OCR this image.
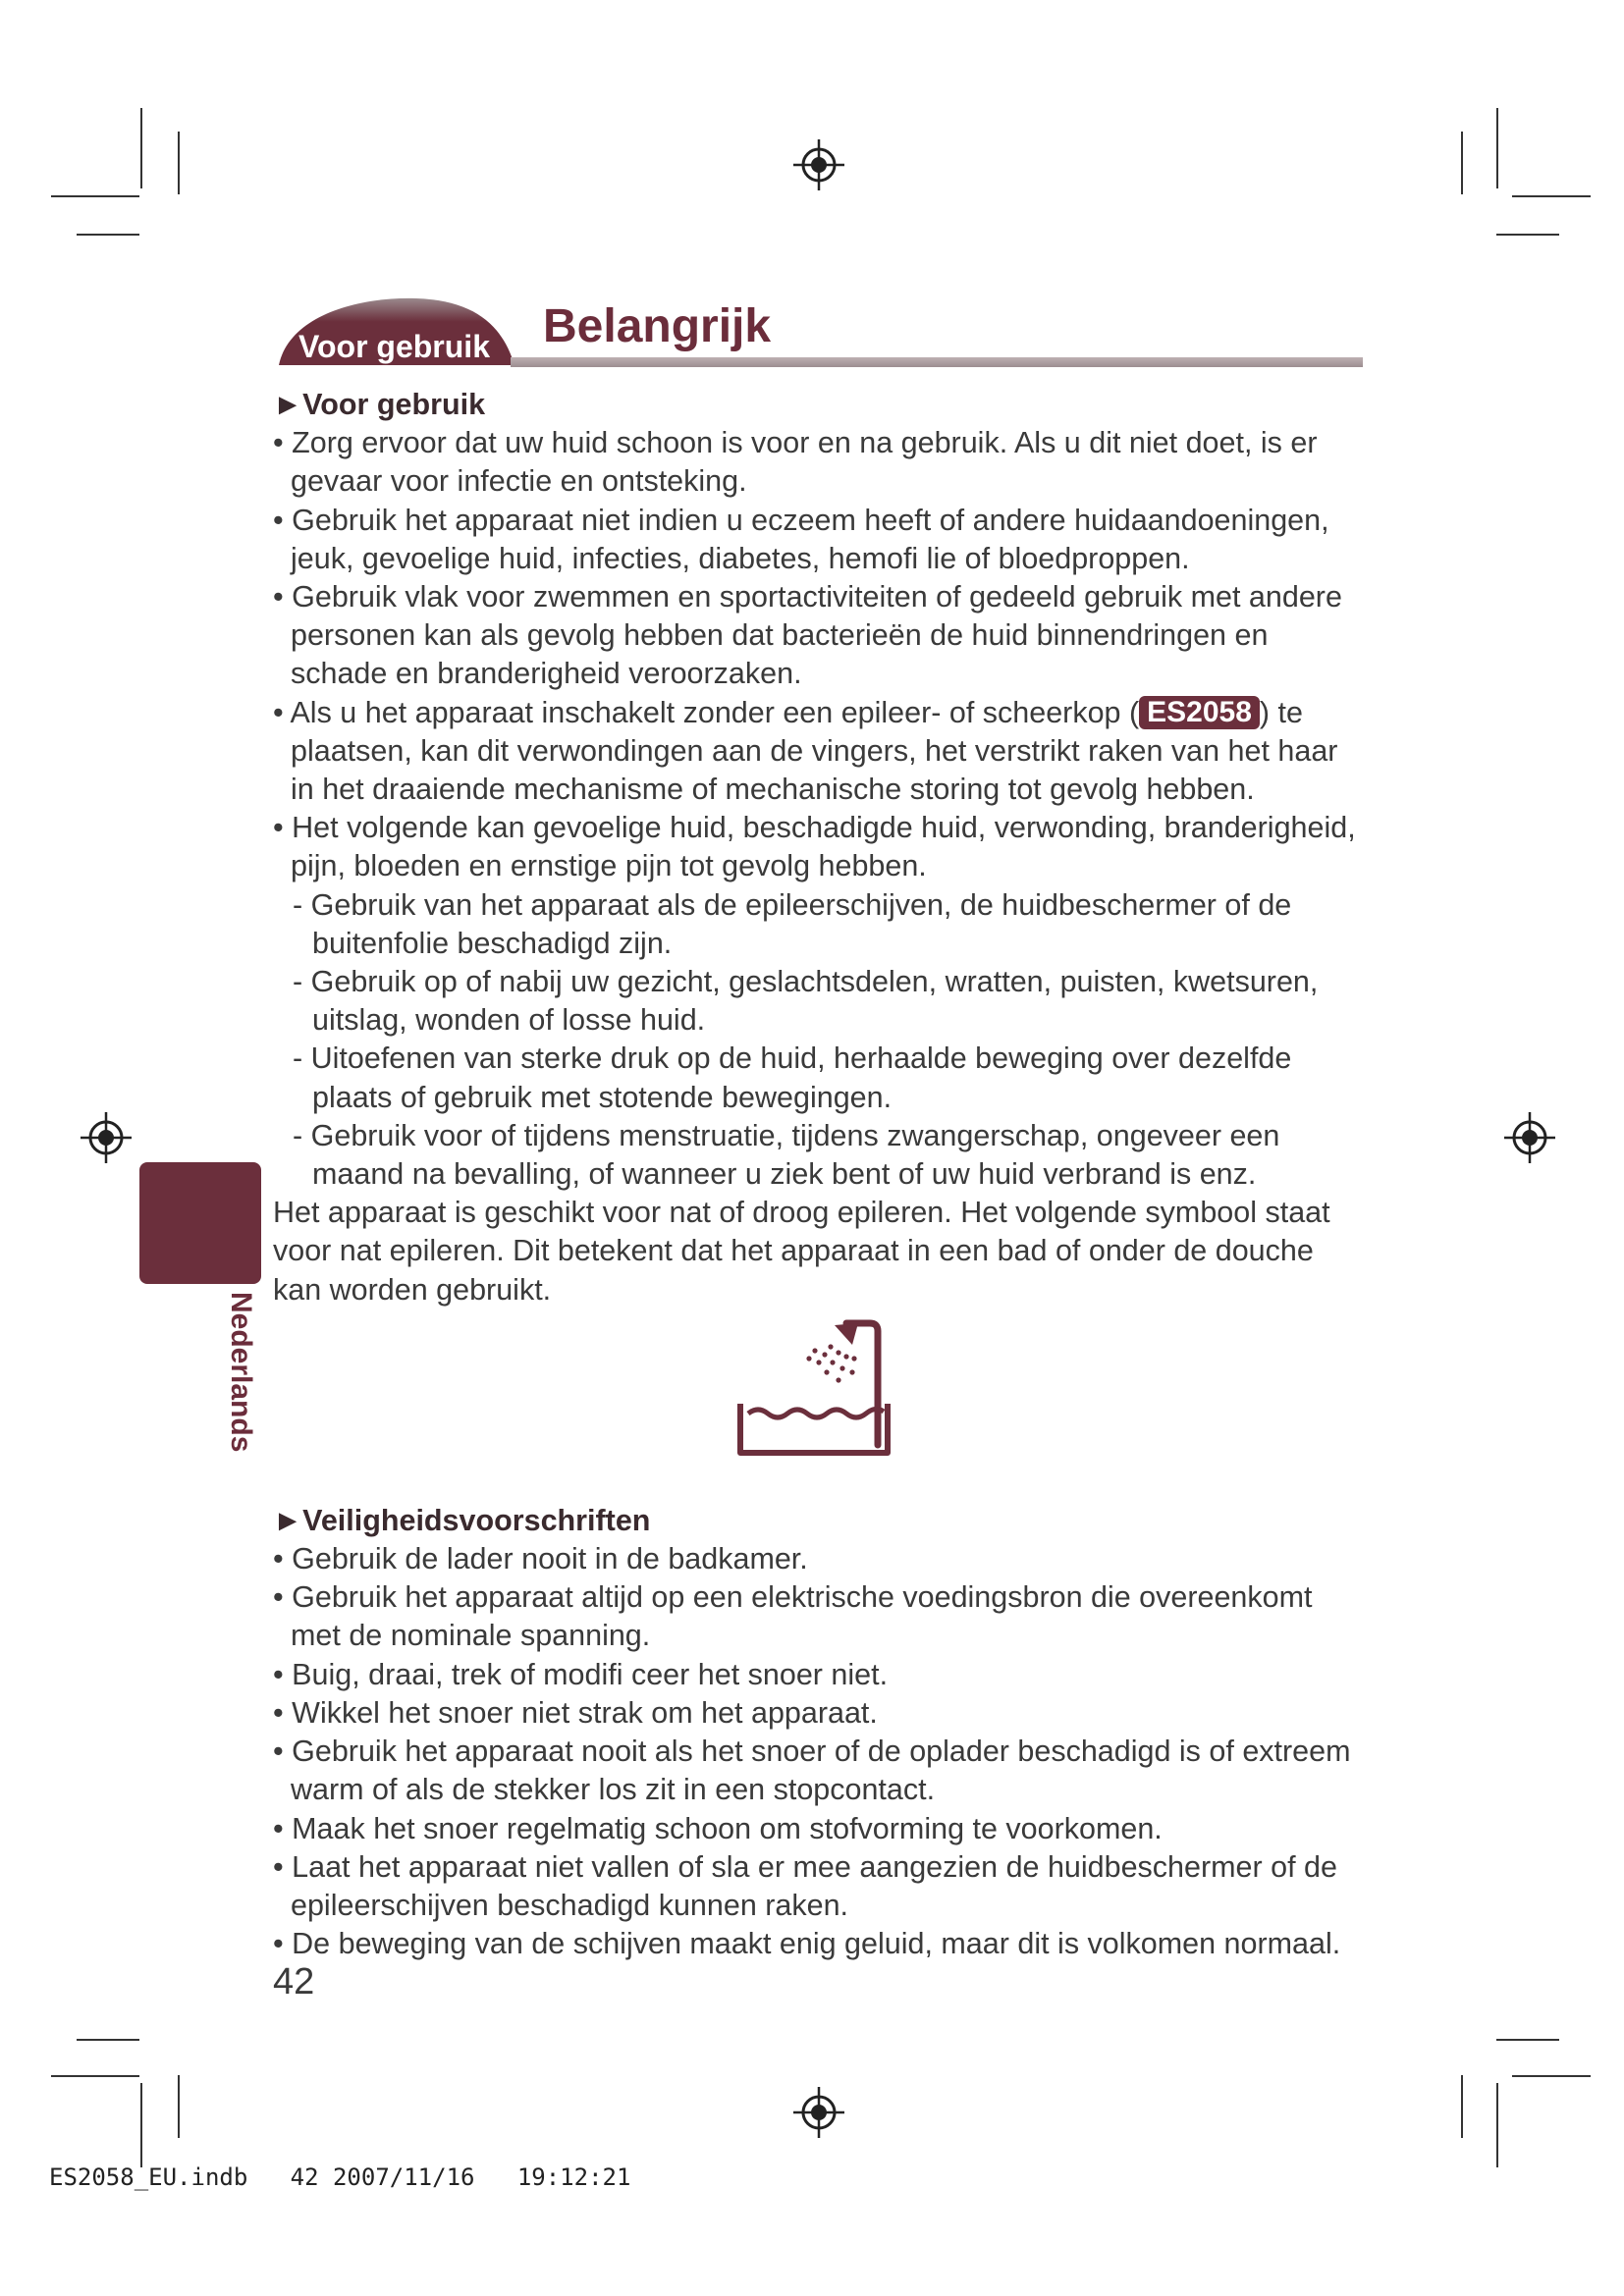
Voor gebruik Belangrijk
Nederlands

►Voor gebruik

• Zorg ervoor dat uw huid schoon is voor en na gebruik. Als u dit niet doet, is er gevaar voor infectie en ontsteking.

• Gebruik het apparaat niet indien u eczeem heeft of andere huidaandoeningen, jeuk, gevoelige huid, infecties, diabetes, hemofi lie of bloedproppen.

• Gebruik vlak voor zwemmen en sportactiviteiten of gedeeld gebruik met andere personen kan als gevolg hebben dat bacterieën de huid binnendringen en schade en branderigheid veroorzaken.

• Als u het apparaat inschakelt zonder een epileer- of scheerkop ( ES2058 ) te plaatsen, kan dit verwondingen aan de vingers, het verstrikt raken van het haar in het draaiende mechanisme of mechanische storing tot gevolg hebben.

• Het volgende kan gevoelige huid, beschadigde huid, verwonding, branderigheid, pijn, bloeden en ernstige pijn tot gevolg hebben.

- Gebruik van het apparaat als de epileerschijven, de huidbeschermer of de buitenfolie beschadigd zijn.

- Gebruik op of nabij uw gezicht, geslachtsdelen, wratten, puisten, kwetsuren, uitslag, wonden of losse huid.

- Uitoefenen van sterke druk op de huid, herhaalde beweging over dezelfde plaats of gebruik met stotende bewegingen.

- Gebruik voor of tijdens menstruatie, tijdens zwangerschap, ongeveer een maand na bevalling, of wanneer u ziek bent of uw huid verbrand is enz.

Het apparaat is geschikt voor nat of droog epileren. Het volgende symbool staat voor nat epileren. Dit betekent dat het apparaat in een bad of onder de douche kan worden gebruikt.

►Veiligheidsvoorschriften

• Gebruik de lader nooit in de badkamer.

• Gebruik het apparaat altijd op een elektrische voedingsbron die overeenkomt met de nominale spanning.

• Buig, draai, trek of modifi ceer het snoer niet.

• Wikkel het snoer niet strak om het apparaat.

• Gebruik het apparaat nooit als het snoer of de oplader beschadigd is of extreem warm of als de stekker los zit in een stopcontact.

• Maak het snoer regelmatig schoon om stofvorming te voorkomen.

• Laat het apparaat niet vallen of sla er mee aangezien de huidbeschermer of de epileerschijven beschadigd kunnen raken.

• De beweging van de schijven maakt enig geluid, maar dit is volkomen normaal.

42
ES2058_EU.indb   42 2007/11/16   19:12:21
